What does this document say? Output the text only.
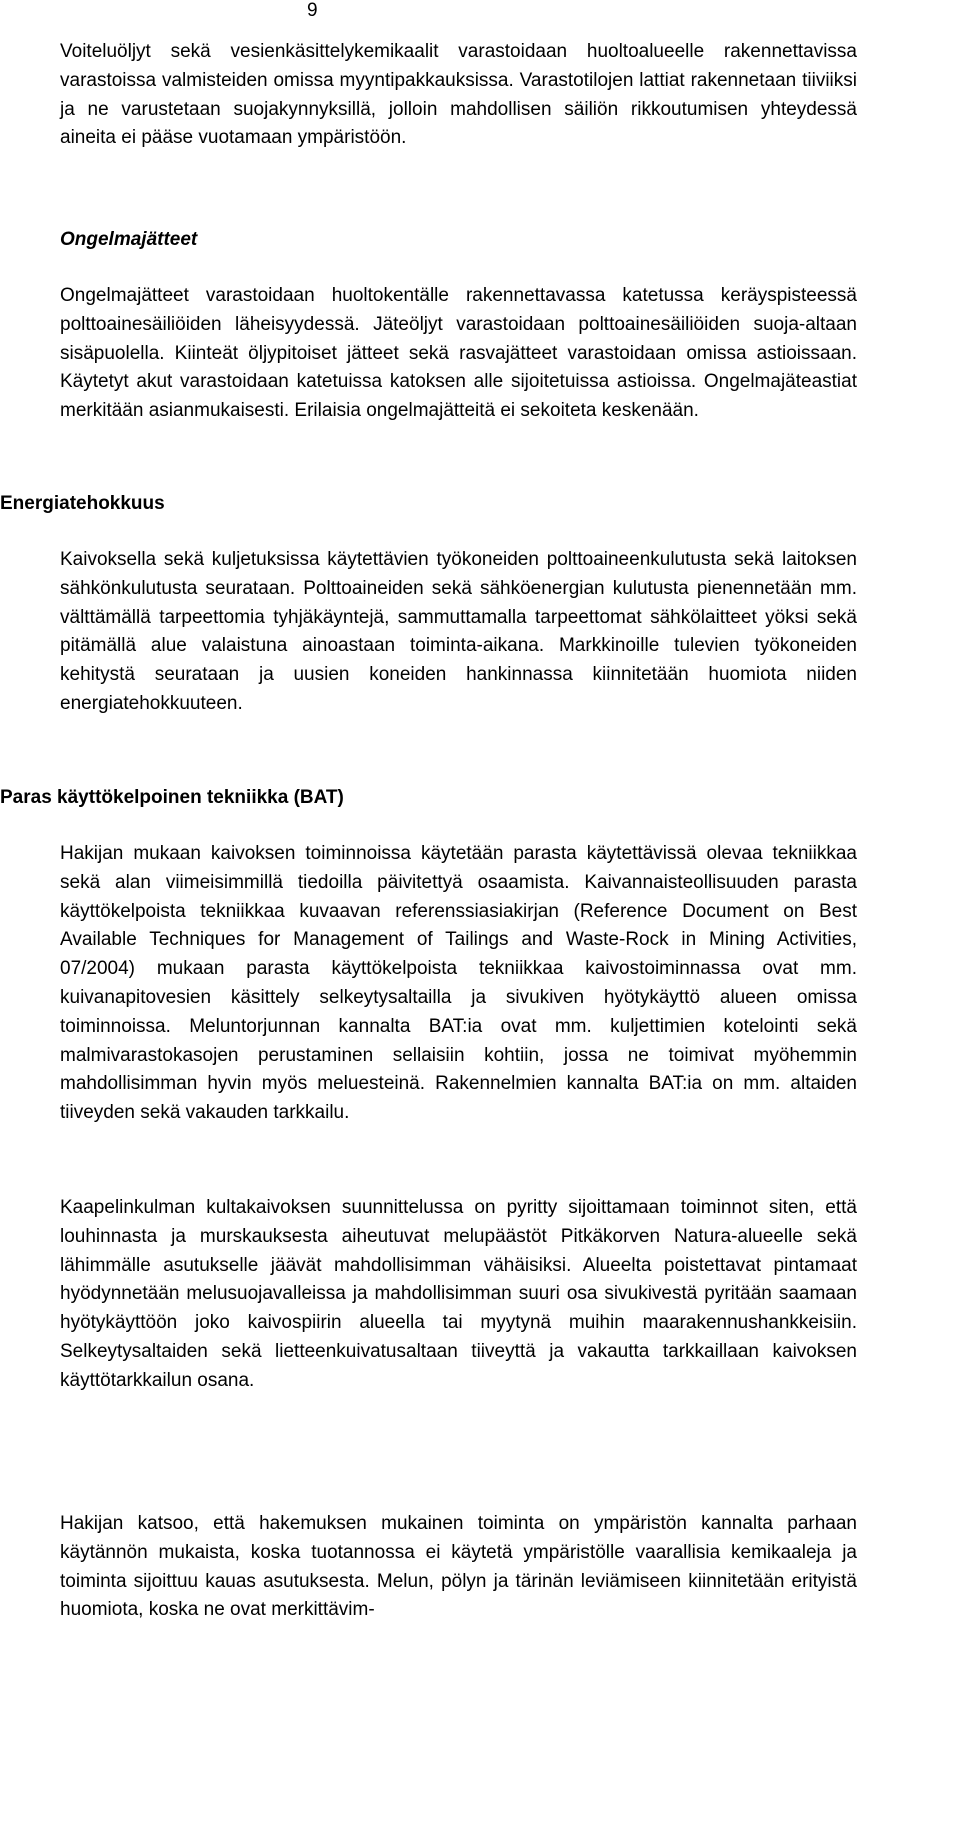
9

Voiteluöljyt sekä vesienkäsittelykemikaalit varastoidaan huoltoalueelle rakennettavissa varastoissa valmisteiden omissa myyntipakkauksissa. Varastotilojen lattiat rakennetaan tiiviiksi ja ne varustetaan suojakynnyksillä, jolloin mahdollisen säiliön rikkoutumisen yhteydessä aineita ei pääse vuotamaan ympäristöön.

Ongelmajätteet

Ongelmajätteet varastoidaan huoltokentälle rakennettavassa katetussa keräyspisteessä polttoainesäiliöiden läheisyydessä. Jäteöljyt varastoidaan polttoainesäiliöiden suoja-altaan sisäpuolella. Kiinteät öljypitoiset jätteet sekä rasvajätteet varastoidaan omissa astioissaan. Käytetyt akut varastoidaan katetuissa katoksen alle sijoitetuissa astioissa. Ongelmajäteastiat merkitään asianmukaisesti. Erilaisia ongelmajätteitä ei sekoiteta keskenään.

Energiatehokkuus

Kaivoksella sekä kuljetuksissa käytettävien työkoneiden polttoaineenkulutusta sekä laitoksen sähkönkulutusta seurataan. Polttoaineiden sekä sähköenergian kulutusta pienennetään mm. välttämällä tarpeettomia tyhjäkäyntejä, sammuttamalla tarpeettomat sähkölaitteet yöksi sekä pitämällä alue valaistuna ainoastaan toiminta-aikana. Markkinoille tulevien työkoneiden kehitystä seurataan ja uusien koneiden hankinnassa kiinnitetään huomiota niiden energiatehokkuuteen.

Paras käyttökelpoinen tekniikka (BAT)

Hakijan mukaan kaivoksen toiminnoissa käytetään parasta käytettävissä olevaa tekniikkaa sekä alan viimeisimmillä tiedoilla päivitettyä osaamista. Kaivannaisteollisuuden parasta käyttökelpoista tekniikkaa kuvaavan referenssiasiakirjan (Reference Document on Best Available Techniques for Management of Tailings and Waste-Rock in Mining Activities, 07/2004) mukaan parasta käyttökelpoista tekniikkaa kaivostoiminnassa ovat mm. kuivanapitovesien käsittely selkeytysaltailla ja sivukiven hyötykäyttö alueen omissa toiminnoissa. Meluntorjunnan kannalta BAT:ia ovat mm. kuljettimien kotelointi sekä malmivarastokasojen perustaminen sellaisiin kohtiin, jossa ne toimivat myöhemmin mahdollisimman hyvin myös meluesteinä. Rakennelmien kannalta BAT:ia on mm. altaiden tiiveyden sekä vakauden tarkkailu.

Kaapelinkulman kultakaivoksen suunnittelussa on pyritty sijoittamaan toiminnot siten, että louhinnasta ja murskauksesta aiheutuvat melupäästöt Pitkäkorven Natura-alueelle sekä lähimmälle asutukselle jäävät mahdollisimman vähäisiksi. Alueelta poistettavat pintamaat hyödynnetään melusuojavalleissa ja mahdollisimman suuri osa sivukivestä pyritään saamaan hyötykäyttöön joko kaivospiirin alueella tai myytynä muihin maarakennushankkeisiin. Selkeytysaltaiden sekä lietteenkuivatusaltaan tiiveyttä ja vakautta tarkkaillaan kaivoksen käyttötarkkailun osana.

Hakijan katsoo, että hakemuksen mukainen toiminta on ympäristön kannalta parhaan käytännön mukaista, koska tuotannossa ei käytetä ympäristölle vaarallisia kemikaaleja ja toiminta sijoittuu kauas asutuksesta. Melun, pölyn ja tärinän leviämiseen kiinnitetään erityistä huomiota, koska ne ovat merkittävim-
